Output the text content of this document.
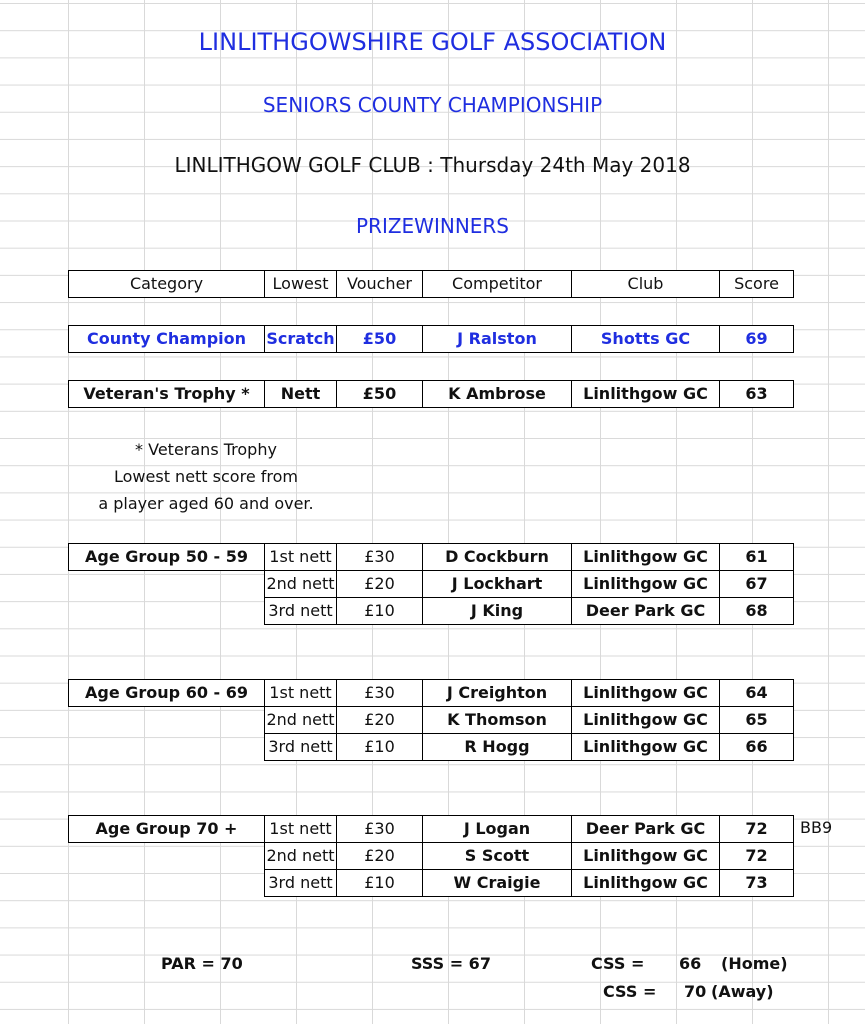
LINLITHGOWSHIRE GOLF ASSOCIATION
SENIORS COUNTY CHAMPIONSHIP
LINLITHGOW GOLF CLUB : Thursday 24th May 2018
PRIZEWINNERS
Category	Lowest	Voucher	Competitor	Club	Score
County Champion	Scratch	£50	J Ralston	Shotts GC	69
Veteran's Trophy *	Nett	£50	K Ambrose	Linlithgow GC	63
* Veterans Trophy
Lowest nett score from
a player aged 60 and over.
Age Group 50 - 59	1st nett	£30	D Cockburn	Linlithgow GC	61
	2nd nett	£20	J Lockhart	Linlithgow GC	67
	3rd nett	£10	J King	Deer Park GC	68
Age Group 60 - 69	1st nett	£30	J Creighton	Linlithgow GC	64
	2nd nett	£20	K Thomson	Linlithgow GC	65
	3rd nett	£10	R Hogg	Linlithgow GC	66
Age Group 70 +	1st nett	£30	J Logan	Deer Park GC	72
	2nd nett	£20	S Scott	Linlithgow GC	72
	3rd nett	£10	W Craigie	Linlithgow GC	73
BB9
PAR = 70	SSS = 67	CSS = 66 (Home)
CSS = 70 (Away)
